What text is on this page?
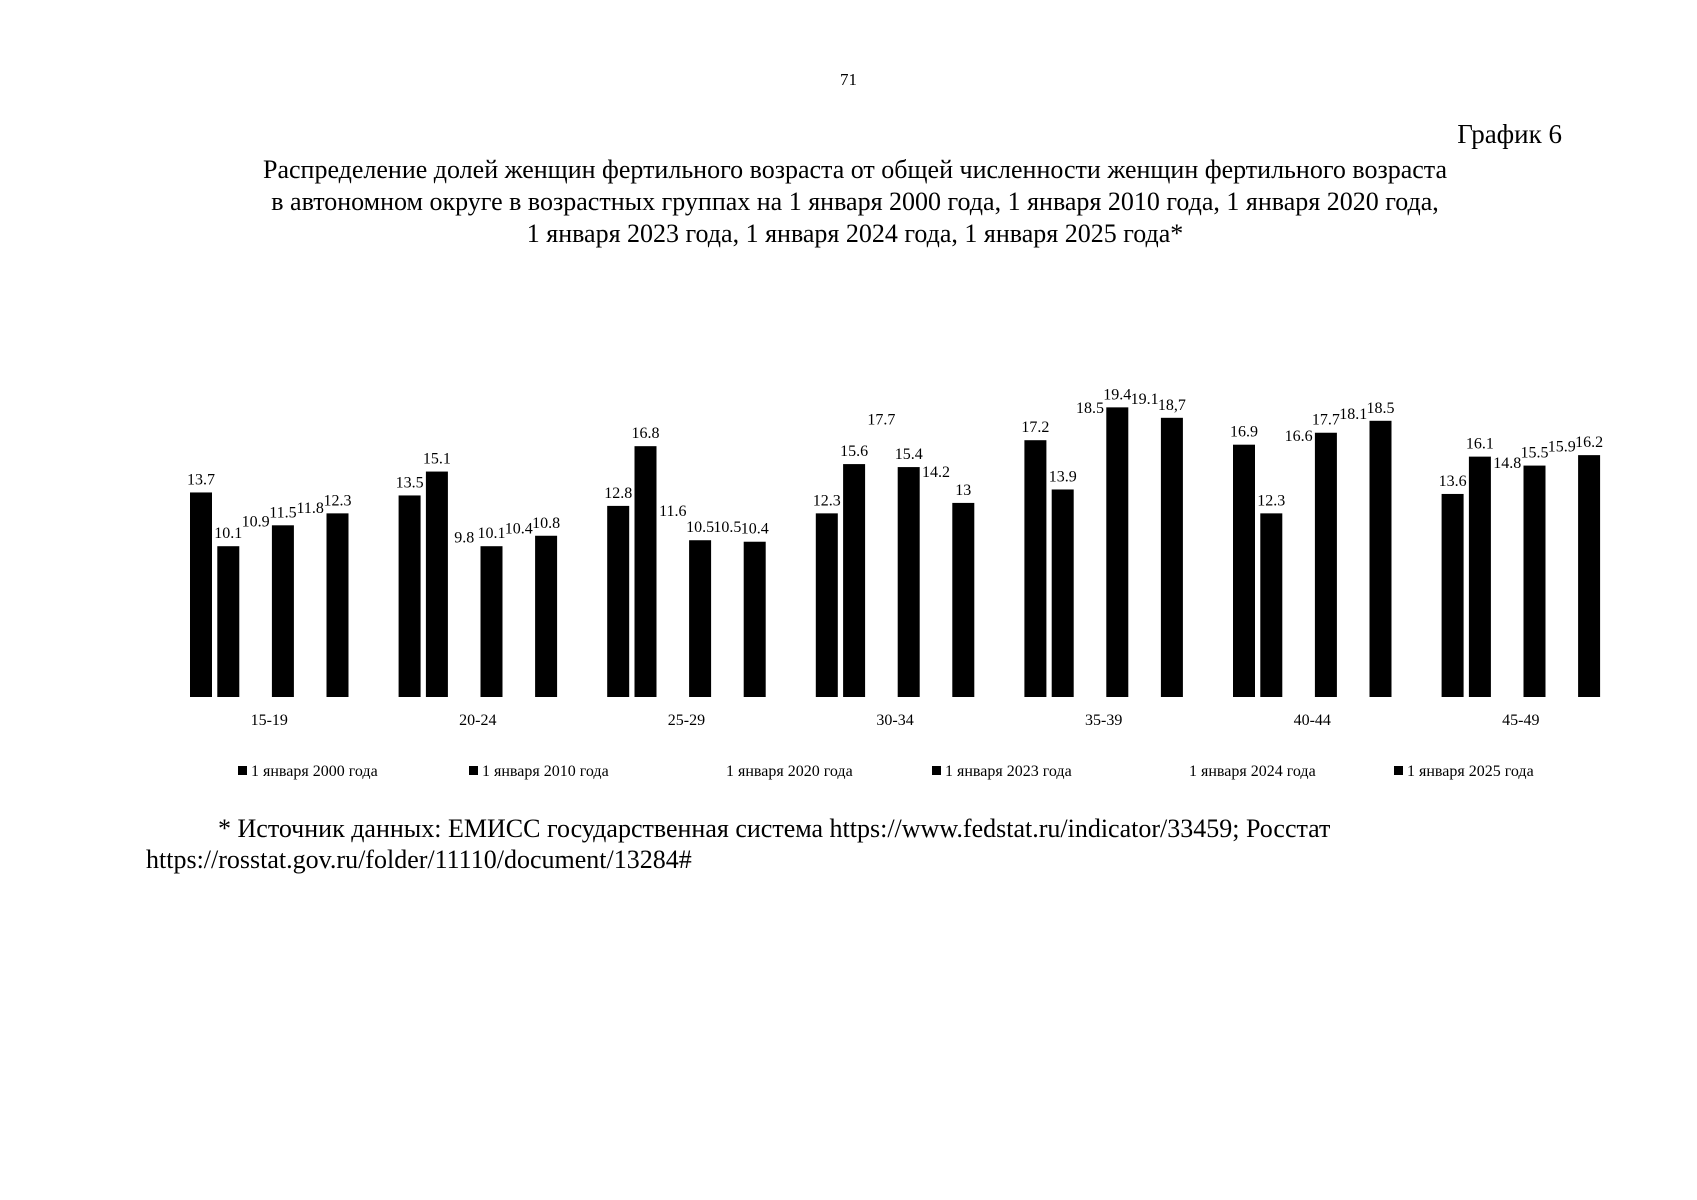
71
График 6
Распределение долей женщин фертильного возраста от общей численности женщин фертильного возраста
в автономном округе в возрастных группах на 1 января 2000 года, 1 января 2010 года, 1 января 2020 года,
1 января 2023 года, 1 января 2024 года, 1 января 2025 года*
13.7
10.1
10.9
11.5 11.8 12.3
15-19
13.5
15.1
9.8 10.1 10.4 10.8
20-24
12.8
16.8
11.6
10.5 10.5 10.4
25-29
12.3
15.6
17.7
15.4
14.2
13
30-34
17.2
13.9
18.5
19.4 19.1 18,7
35-39
16.9
12.3
16.6
17.7 18.1 18.5
40-44
13.6
16.1
14.8
15.5 15.9 16.2
45-49
1 января 2000 года	1 января 2010 года	1 января 2020 года	1 января 2023 года	1 января 2024 года	1 января 2025 года
* Источник данных: ЕМИСС государственная система https://www.fedstat.ru/indicator/33459; Росстат
https://rosstat.gov.ru/folder/11110/document/13284#
